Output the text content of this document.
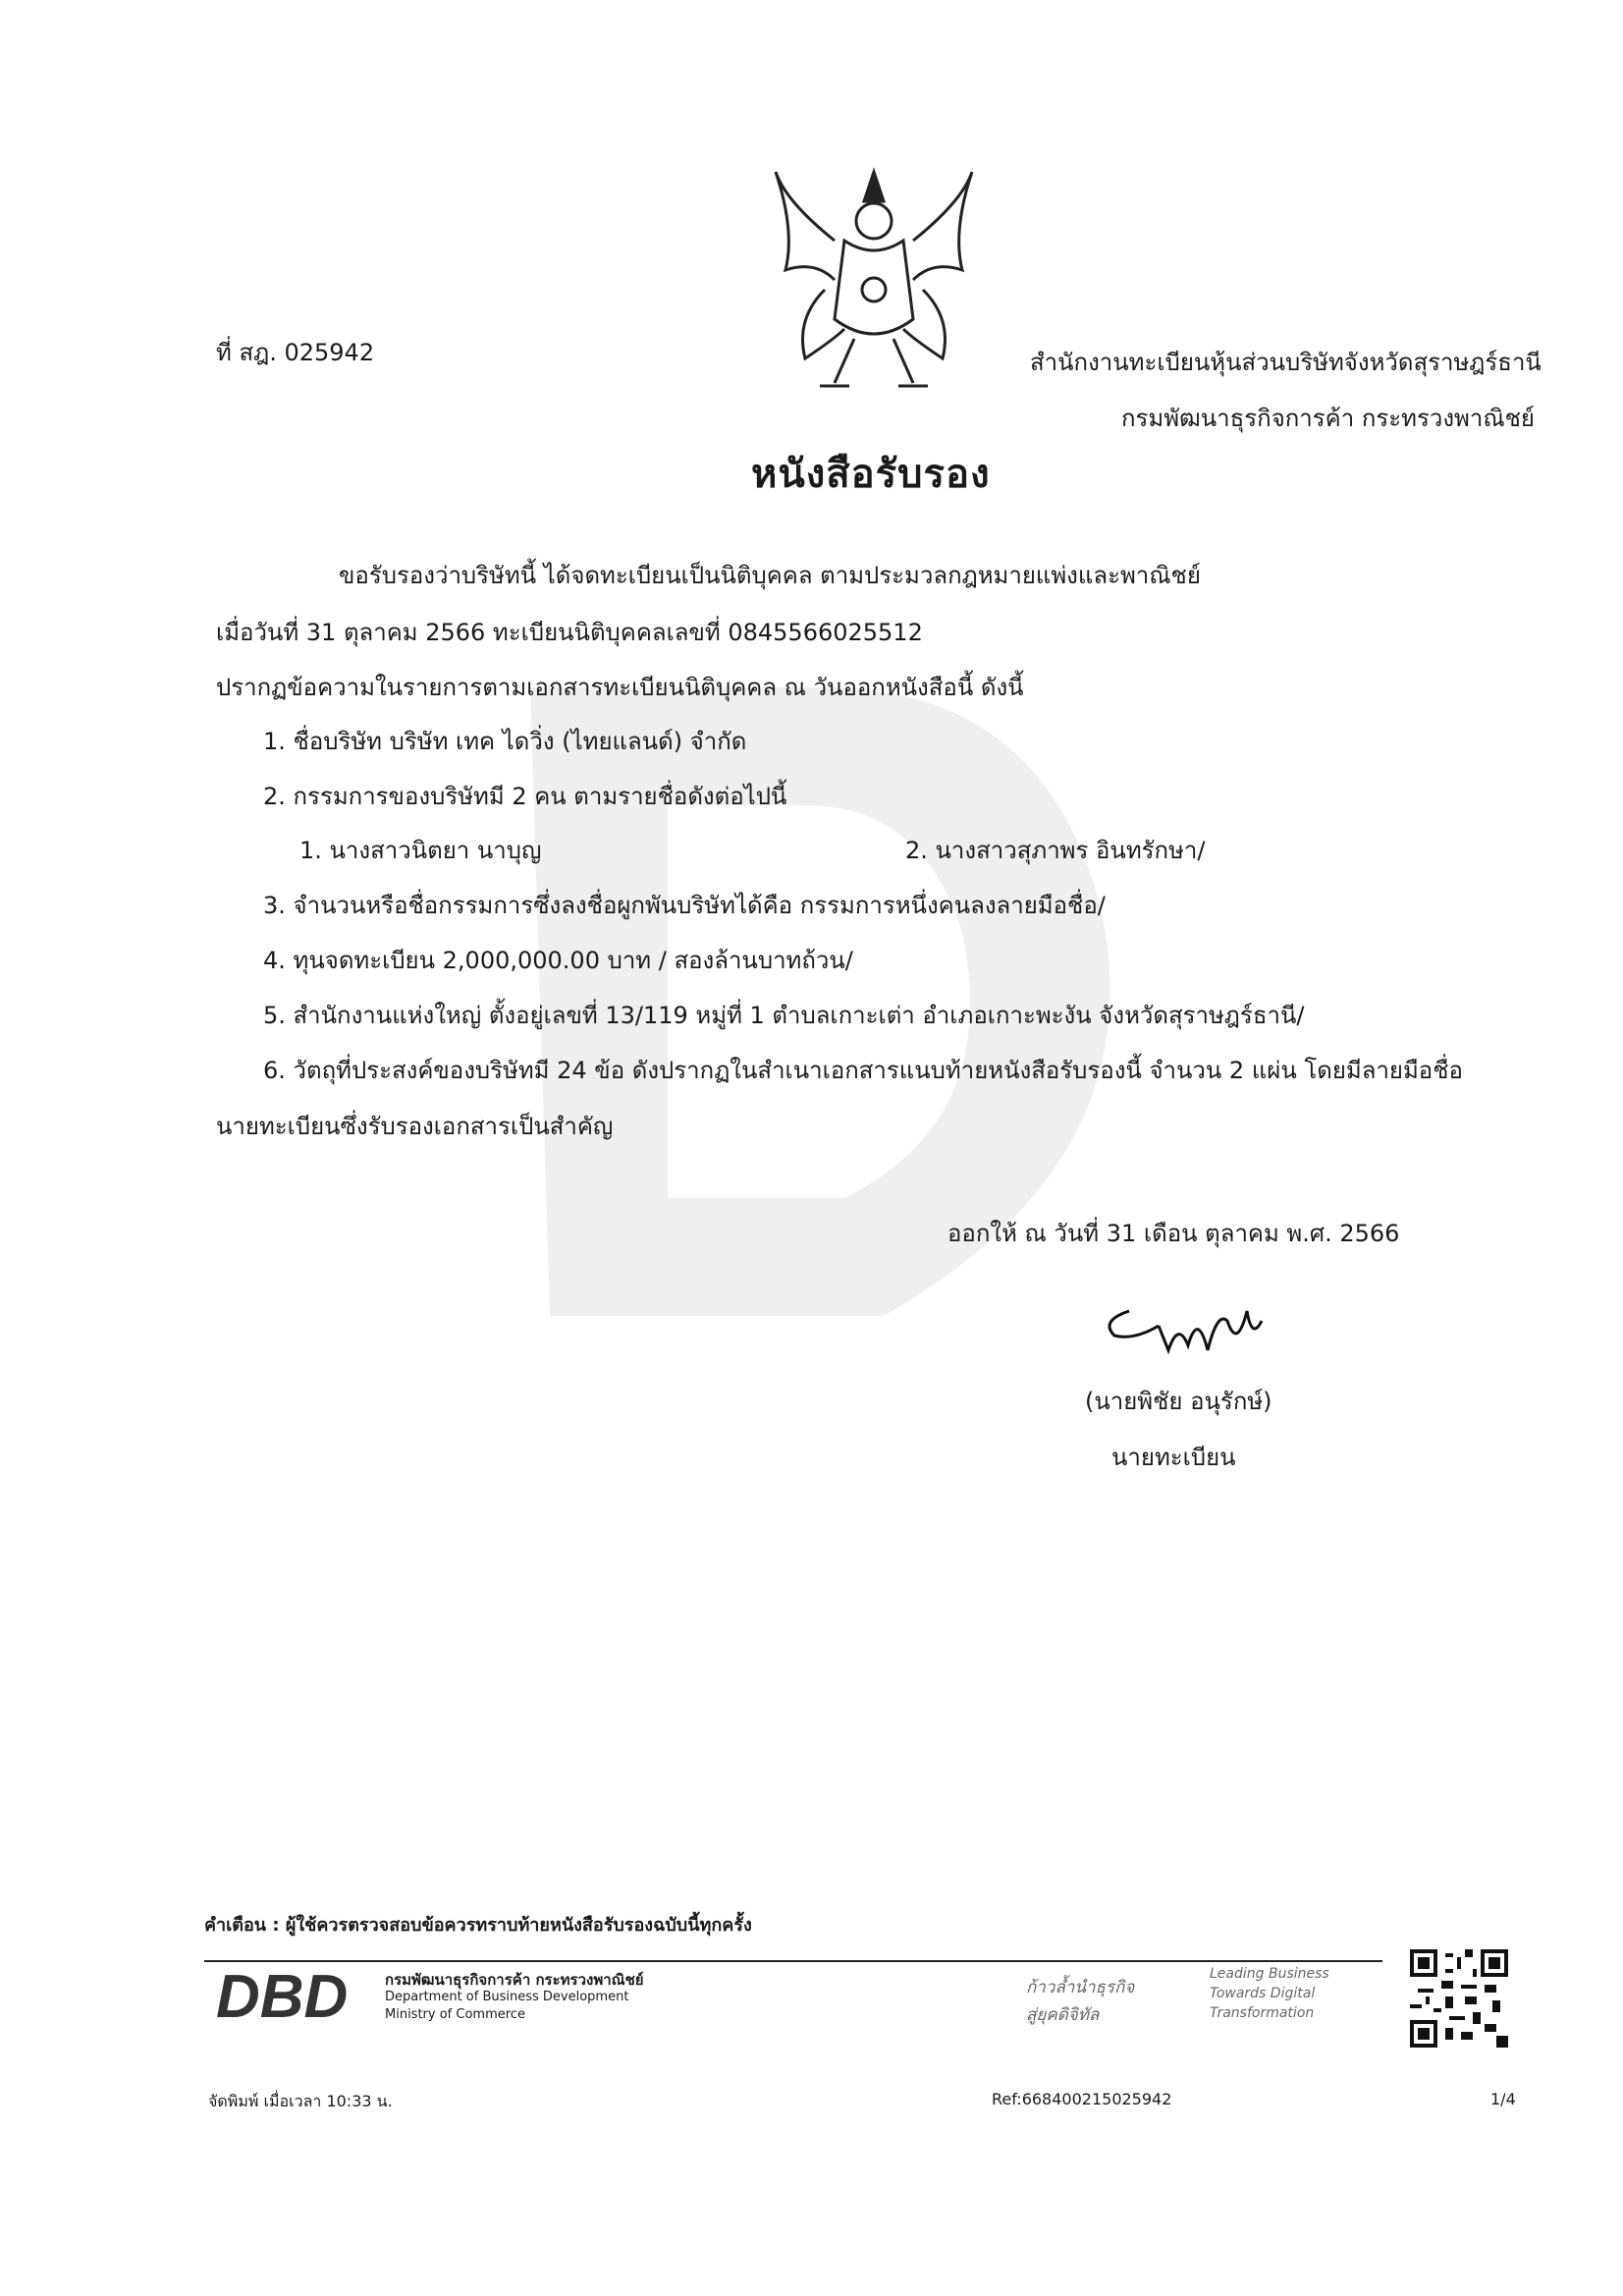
ที่ สฎ. 025942	สำนักงานทะเบียนหุ้นส่วนบริษัทจังหวัดสุราษฎร์ธานี
กรมพัฒนาธุรกิจการค้า กระทรวงพาณิชย์
หนังสือรับรอง
ขอรับรองว่าบริษัทนี้ ได้จดทะเบียนเป็นนิติบุคคล ตามประมวลกฎหมายแพ่งและพาณิชย์
เมื่อวันที่ 31 ตุลาคม 2566 ทะเบียนนิติบุคคลเลขที่ 0845566025512
ปรากฏข้อความในรายการตามเอกสารทะเบียนนิติบุคคล ณ วันออกหนังสือนี้ ดังนี้
1. ชื่อบริษัท บริษัท เทค ไดวิ่ง (ไทยแลนด์) จำกัด
2. กรรมการของบริษัทมี 2 คน ตามรายชื่อดังต่อไปนี้
1. นางสาวนิตยา นาบุญ	2. นางสาวสุภาพร อินทรักษา/
3. จำนวนหรือชื่อกรรมการซึ่งลงชื่อผูกพันบริษัทได้คือ กรรมการหนึ่งคนลงลายมือชื่อ/
4. ทุนจดทะเบียน 2,000,000.00 บาท / สองล้านบาทถ้วน/
5. สำนักงานแห่งใหญ่ ตั้งอยู่เลขที่ 13/119 หมู่ที่ 1 ตำบลเกาะเต่า อำเภอเกาะพะงัน จังหวัดสุราษฎร์ธานี/
6. วัตถุที่ประสงค์ของบริษัทมี 24 ข้อ ดังปรากฏในสำเนาเอกสารแนบท้ายหนังสือรับรองนี้ จำนวน 2 แผ่น โดยมีลายมือชื่อ
นายทะเบียนซึ่งรับรองเอกสารเป็นสำคัญ
ออกให้ ณ วันที่ 31 เดือน ตุลาคม พ.ศ. 2566
(นายพิชัย อนุรักษ์)
นายทะเบียน
คำเตือน : ผู้ใช้ควรตรวจสอบข้อควรทราบท้ายหนังสือรับรองฉบับนี้ทุกครั้ง
DBD	กรมพัฒนาธุรกิจการค้า กระทรวงพาณิชย์
Department of Business Development
Ministry of Commerce
ก้าวล้ำนำธุรกิจ
สู่ยุคดิจิทัล
Leading Business
Towards Digital
Transformation
จัดพิมพ์ เมื่อเวลา 10:33 น.	Ref:668400215025942	1/4
